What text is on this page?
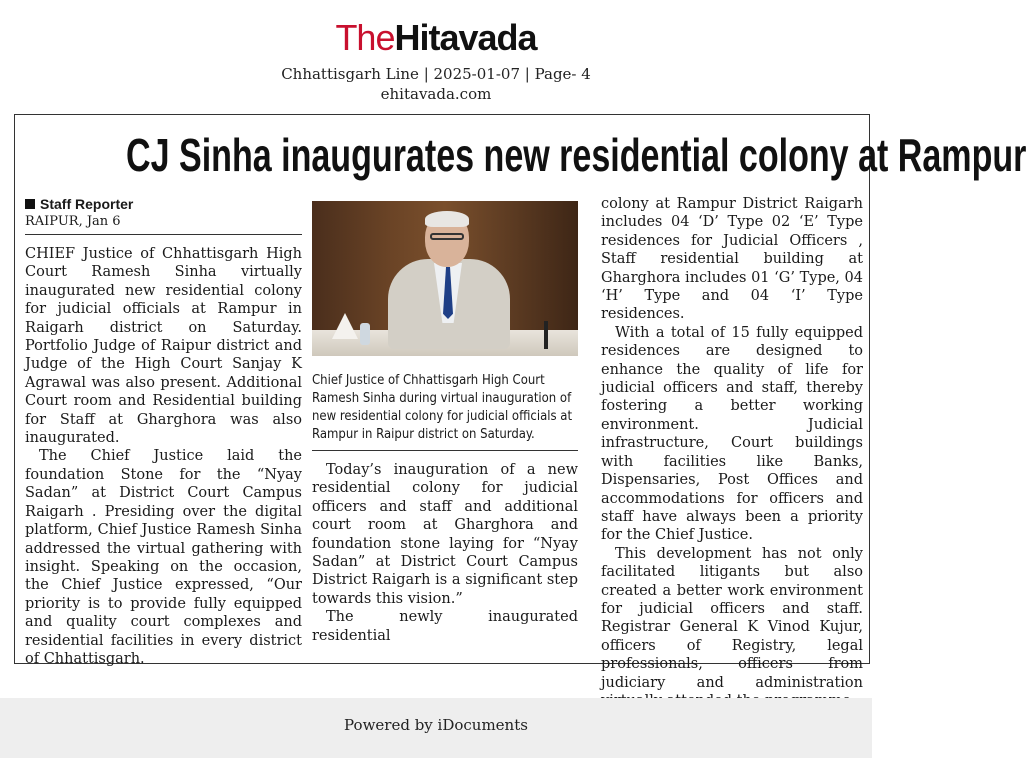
TheHitavada
Chhattisgarh Line | 2025-01-07 | Page- 4
ehitavada.com
CJ Sinha inaugurates new residential colony at Rampur
Staff Reporter
RAIPUR, Jan 6

CHIEF Justice of Chhattisgarh High Court Ramesh Sinha virtually inaugurated new residential colony for judicial officials at Rampur in Raigarh district on Saturday. Portfolio Judge of Raipur district and Judge of the High Court Sanjay K Agrawal was also present. Additional Court room and Residential building for Staff at Gharghora was also inaugurated.

The Chief Justice laid the foundation Stone for the “Nyay Sadan” at District Court Campus Raigarh . Presiding over the digital platform, Chief Justice Ramesh Sinha addressed the virtual gathering with insight. Speaking on the occasion, the Chief Justice expressed, “Our priority is to provide fully equipped and quality court complexes and residential facilities in every district of Chhattisgarh.

Chief Justice of Chhattisgarh High Court Ramesh Sinha during virtual inauguration of new residential colony for judicial officials at Rampur in Raipur district on Saturday.

Today’s inauguration of a new residential colony for judicial officers and staff and additional court room at Gharghora and foundation stone laying for “Nyay Sadan” at District Court Campus District Raigarh is a significant step towards this vision.”

The newly inaugurated residential

colony at Rampur District Raigarh includes 04 ‘D’ Type 02 ‘E’ Type residences for Judicial Officers , Staff residential building at Gharghora includes 01 ‘G’ Type, 04 ‘H’ Type and 04 ‘I’ Type residences.

With a total of 15 fully equipped residences are designed to enhance the quality of life for judicial officers and staff, thereby fostering a better working environment. Judicial infrastructure, Court buildings with facilities like Banks, Dispensaries, Post Offices and accommodations for officers and staff have always been a priority for the Chief Justice.

This development has not only facilitated litigants but also created a better work environment for judicial officers and staff. Registrar General K Vinod Kujur, officers of Registry, legal professionals, officers from judiciary and administration

Powered by iDocuments
